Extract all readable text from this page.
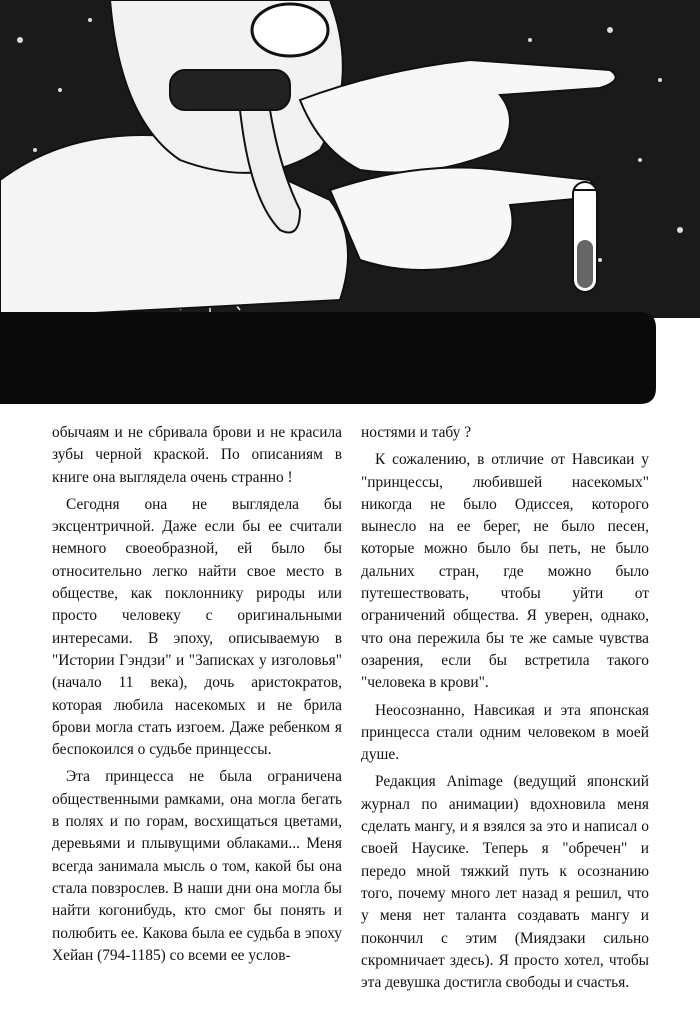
обычаям и не сбривала брови и не красила зубы черной краской. По описаниям в книге она выглядела очень странно !

Сегодня она не выглядела бы эксцентричной. Даже если бы ее считали немного своеобразной, ей было бы относительно легко найти свое место в обществе, как поклоннику рироды или просто человеку с оригинальными интересами. В эпоху, описываемую в "Истории Гэндзи" и "Записках у изголовья" (начало 11 века), дочь аристократов, которая любила насекомых и не брила брови могла стать изгоем. Даже ребенком я беспокоился о судьбе принцессы.

Эта принцесса не была ограничена общественными рамками, она могла бегать в полях и по горам, восхищаться цветами, деревьями и плывущими облаками... Меня всегда занимала мысль о том, какой бы она стала повзрослев. В наши дни она могла бы найти когонибудь, кто смог бы понять и полюбить ее. Какова была ее судьба в эпоху Хейан (794-1185) со всеми ее услов-

ностями и табу ?

К сожалению, в отличие от Навсикаи у "принцессы, любившей насекомых" никогда не было Одиссея, которого вынесло на ее берег, не было песен, которые можно было бы петь, не было дальних стран, где можно было путешествовать, чтобы уйти от ограничений общества. Я уверен, однако, что она пережила бы те же самые чувства озарения, если бы встретила такого "человека в крови".

Неосознанно, Навсикая и эта японская принцесса стали одним человеком в моей душе.

Редакция Animage (ведущий японский журнал по анимации) вдохновила меня сделать мангу, и я взялся за это и написал о своей Наусике. Теперь я "обречен" и передо мной тяжкий путь к осознанию того, почему много лет назад я решил, что у меня нет таланта создавать мангу и покончил с этим (Миядзаки сильно скромничает здесь). Я просто хотел, чтобы эта девушка достигла свободы и счастья.
